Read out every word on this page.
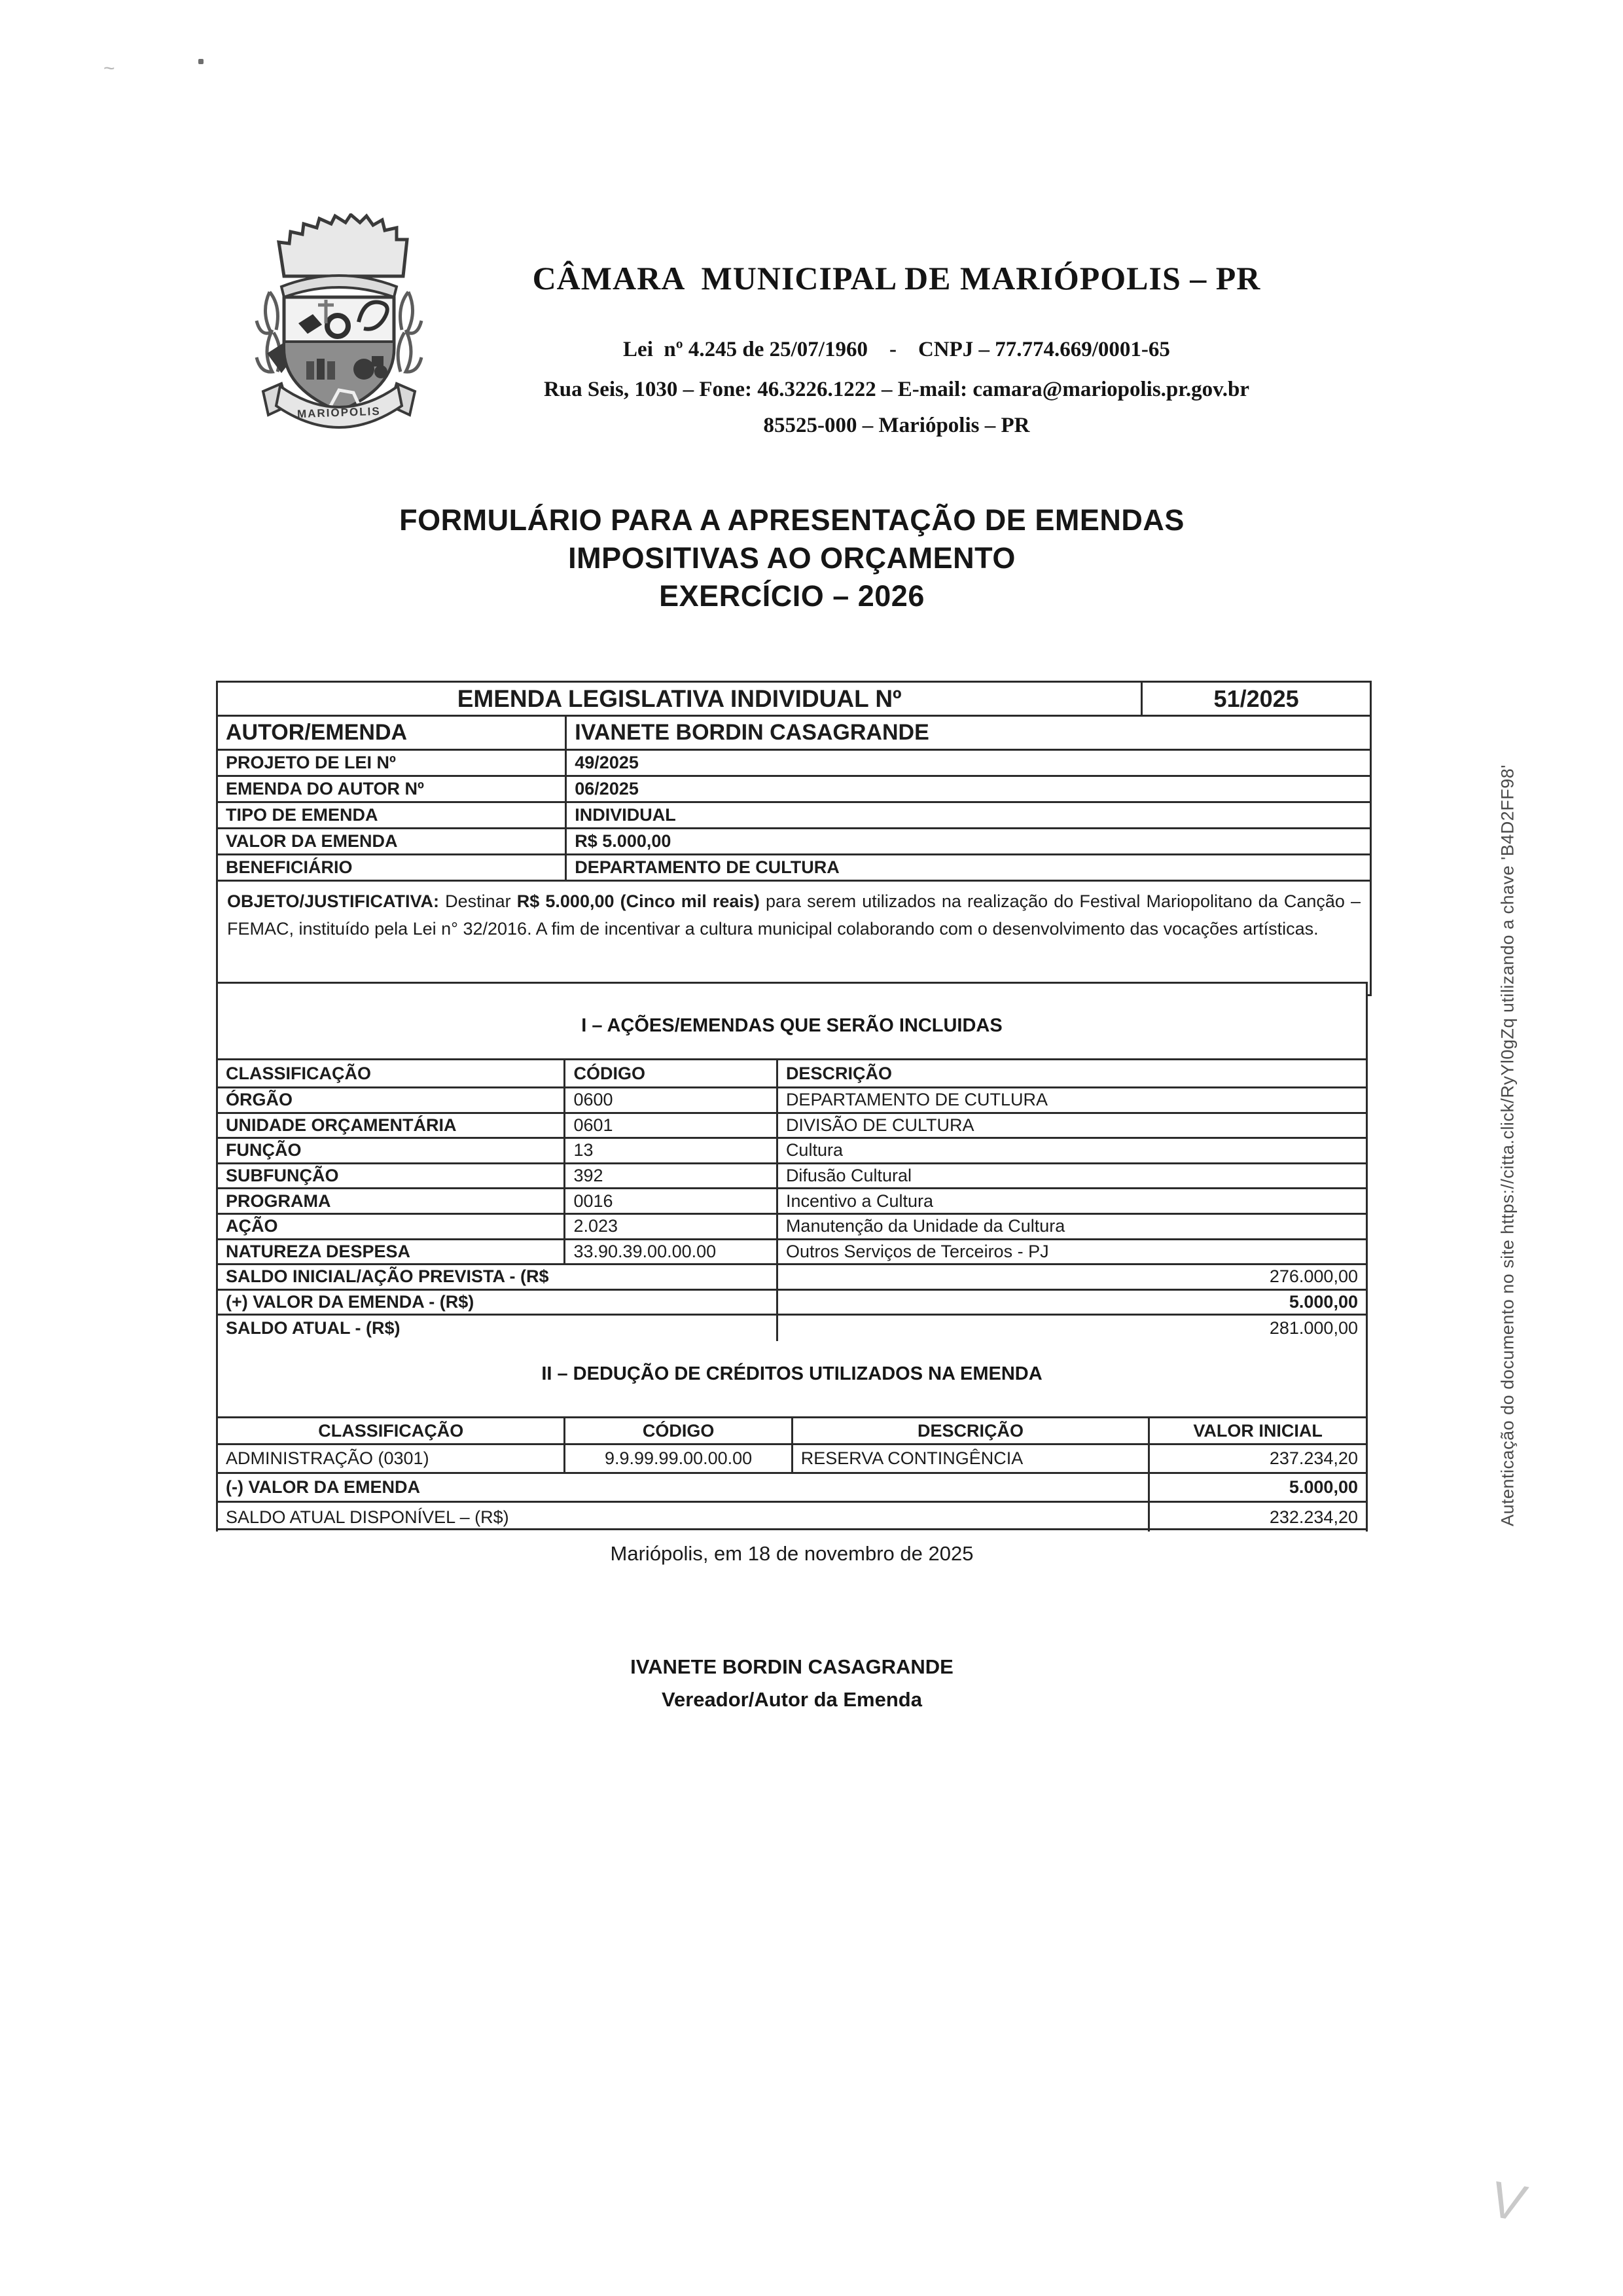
~
MARIÓPOLIS
CÂMARA  MUNICIPAL DE MARIÓPOLIS – PR
Lei  nº 4.245 de 25/07/1960    -    CNPJ – 77.774.669/0001-65
Rua Seis, 1030 – Fone: 46.3226.1222 – E-mail: camara@mariopolis.pr.gov.br
85525-000 – Mariópolis – PR
FORMULÁRIO PARA A APRESENTAÇÃO DE EMENDAS
IMPOSITIVAS AO ORÇAMENTO
EXERCÍCIO – 2026
EMENDA LEGISLATIVA INDIVIDUAL Nº	51/2025
AUTOR/EMENDA	IVANETE BORDIN CASAGRANDE
PROJETO DE LEI Nº	49/2025
EMENDA DO AUTOR Nº	06/2025
TIPO DE EMENDA	INDIVIDUAL
VALOR DA EMENDA	R$ 5.000,00
BENEFICIÁRIO	DEPARTAMENTO DE CULTURA
OBJETO/JUSTIFICATIVA: Destinar R$ 5.000,00 (Cinco mil reais) para serem utilizados na realização do Festival Mariopolitano da Canção – FEMAC, instituído pela Lei n° 32/2016. A fim de incentivar a cultura municipal colaborando com o desenvolvimento das vocações artísticas.
I – AÇÕES/EMENDAS QUE SERÃO INCLUIDAS
CLASSIFICAÇÃO	CÓDIGO	DESCRIÇÃO
ÓRGÃO	0600	DEPARTAMENTO DE CUTLURA
UNIDADE ORÇAMENTÁRIA	0601	DIVISÃO DE CULTURA
FUNÇÃO	13	Cultura
SUBFUNÇÃO	392	Difusão Cultural
PROGRAMA	0016	Incentivo a Cultura
AÇÃO	2.023	Manutenção da Unidade da Cultura
NATUREZA DESPESA	33.90.39.00.00.00	Outros Serviços de Terceiros - PJ
SALDO INICIAL/AÇÃO PREVISTA - (R$	276.000,00
(+) VALOR DA EMENDA - (R$)	5.000,00
SALDO ATUAL - (R$)	281.000,00
II – DEDUÇÃO DE CRÉDITOS UTILIZADOS NA EMENDA
CLASSIFICAÇÃO	CÓDIGO	DESCRIÇÃO	VALOR INICIAL
ADMINISTRAÇÃO (0301)	9.9.99.99.00.00.00	RESERVA CONTINGÊNCIA	237.234,20
(-) VALOR DA EMENDA	5.000,00
SALDO ATUAL DISPONÍVEL – (R$)	232.234,20
Mariópolis, em 18 de novembro de 2025
IVANETE BORDIN CASAGRANDE
Vereador/Autor da Emenda
Autenticação do documento no site https://citta.click/RyYl0gZq utilizando a chave 'B4D2FF98'
V
